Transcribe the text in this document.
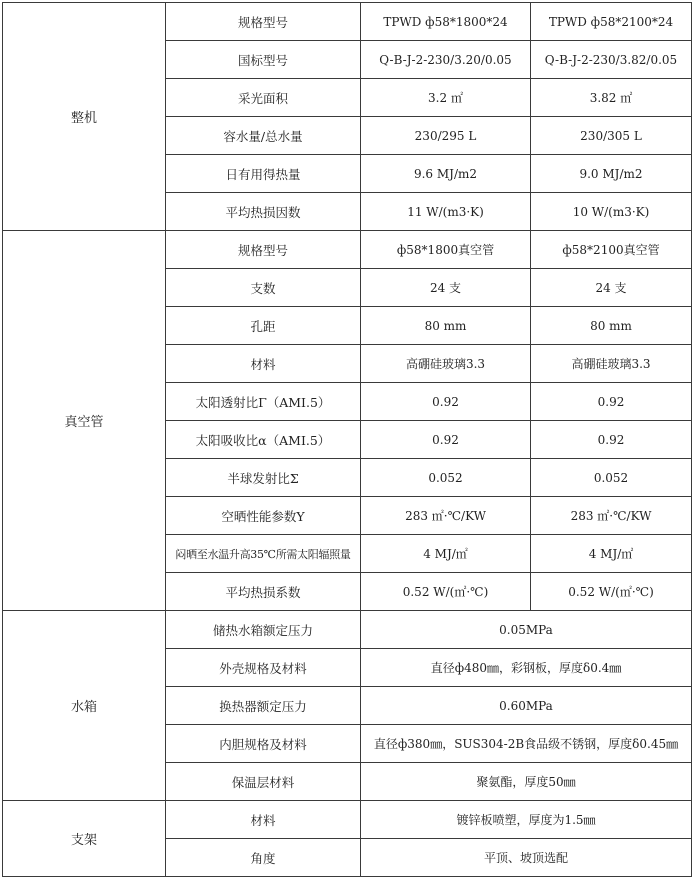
整机	规格型号	TPWD ф58*1800*24	TPWD ф58*2100*24
	国标型号	Q-B-J-2-230/3.20/0.05	Q-B-J-2-230/3.82/0.05
	采光面积	3.2 ㎡	3.82 ㎡
	容水量/总水量	230/295 L	230/305 L
	日有用得热量	9.6 MJ/m2	9.0 MJ/m2
	平均热损因数	11 W/(m3·K)	10 W/(m3·K)
真空管	规格型号	ф58*1800真空管	ф58*2100真空管
	支数	24 支	24 支
	孔距	80 mm	80 mm
	材料	高硼硅玻璃3.3	高硼硅玻璃3.3
	太阳透射比Γ（AMI.5）	0.92	0.92
	太阳吸收比α（AMI.5）	0.92	0.92
	半球发射比Σ	0.052	0.052
	空晒性能参数Y	283 ㎡·℃/KW	283 ㎡·℃/KW
	闷晒至水温升高35℃所需太阳辐照量	4 MJ/㎡	4 MJ/㎡
	平均热损系数	0.52 W/(㎡·℃)	0.52 W/(㎡·℃)
水箱	储热水箱额定压力	0.05MPa	
	外壳规格及材料	直径ф480㎜，彩钢板，厚度δ0.4㎜	
	换热器额定压力	0.60MPa	
	内胆规格及材料	直径ф380㎜，SUS304-2B食品级不锈钢，厚度δ0.45㎜	
	保温层材料	聚氨酯，厚度50㎜	
支架	材料	镀锌板喷塑，厚度为1.5㎜	
	角度	平顶、坡顶选配	
